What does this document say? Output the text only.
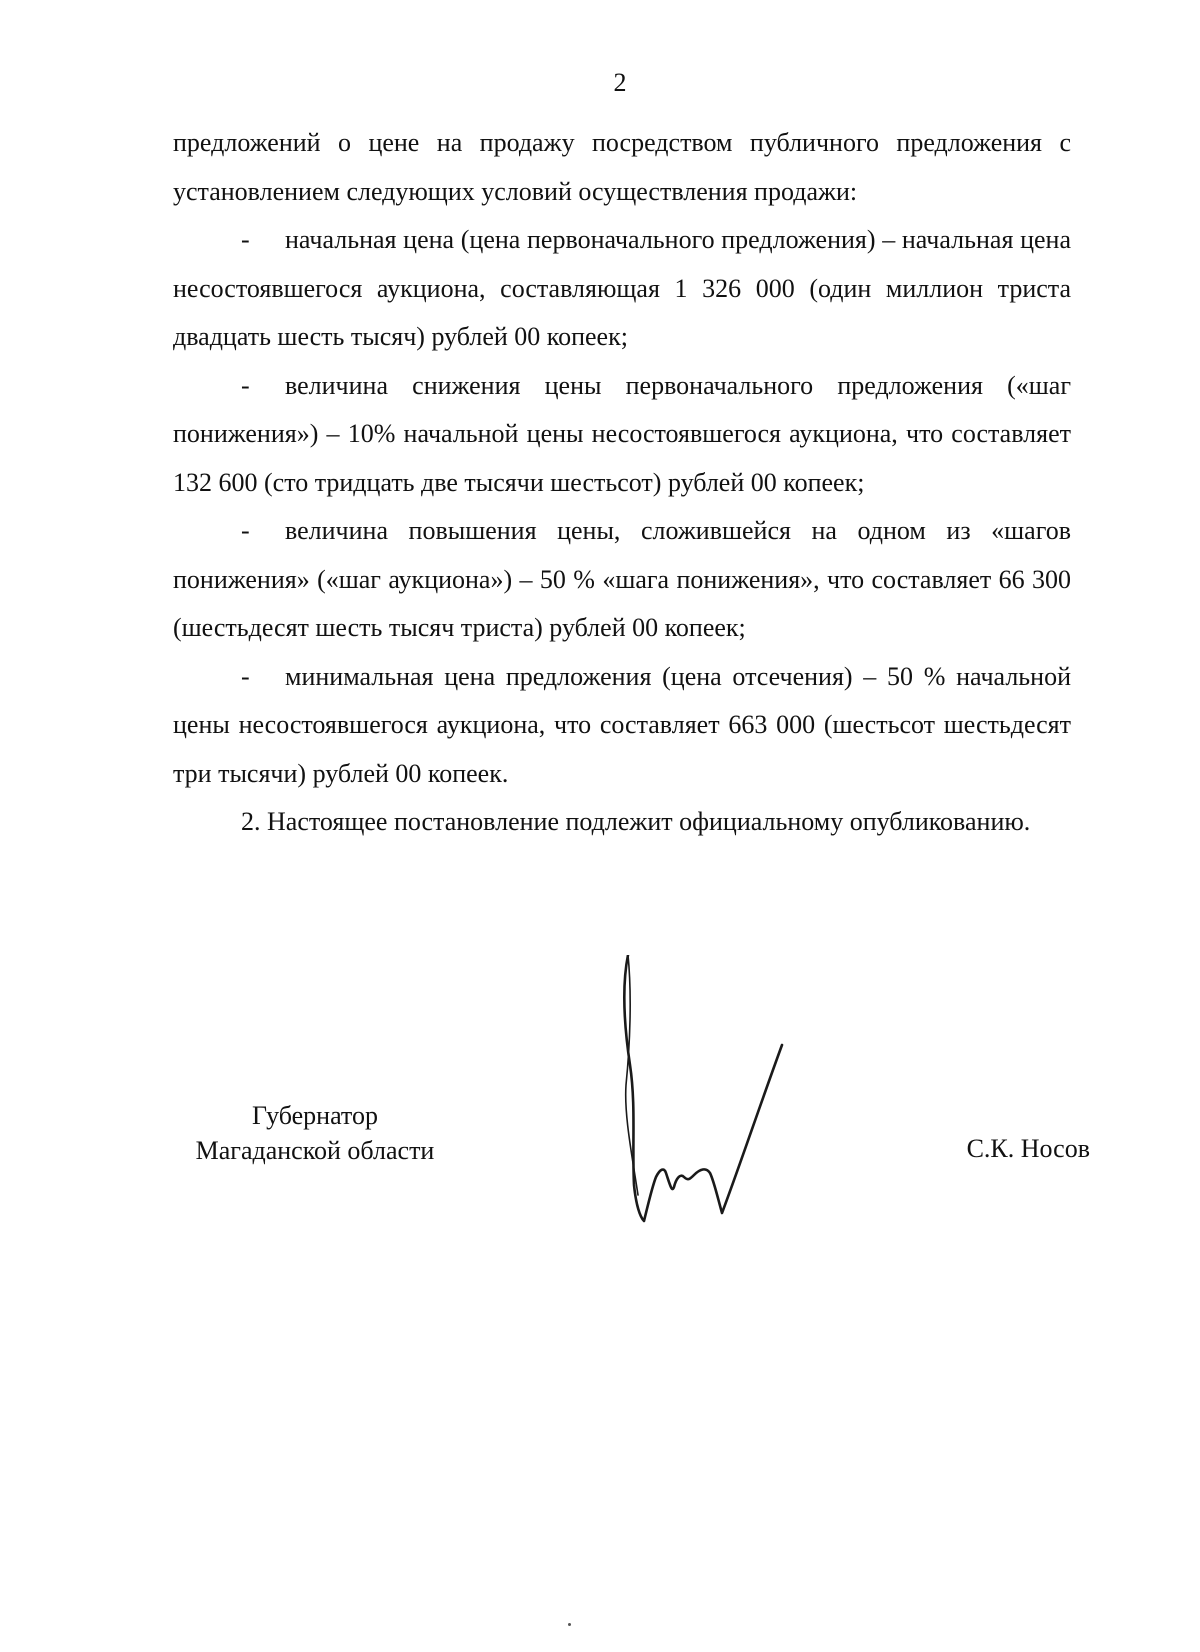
2

предложений о цене на продажу посредством публичного предложения с установлением следующих условий осуществления продажи:

- начальная цена (цена первоначального предложения) – начальная цена несостоявшегося аукциона, составляющая 1 326 000 (один миллион триста двадцать шесть тысяч) рублей 00 копеек;

- величина снижения цены первоначального предложения («шаг понижения») – 10% начальной цены несостоявшегося аукциона, что составляет 132 600 (сто тридцать две тысячи шестьсот) рублей 00 копеек;

- величина повышения цены, сложившейся на одном из «шагов понижения» («шаг аукциона») – 50 % «шага понижения», что составляет 66 300 (шестьдесят шесть тысяч триста) рублей 00 копеек;

- минимальная цена предложения (цена отсечения) – 50 % начальной цены несостоявшегося аукциона, что составляет 663 000 (шестьсот шестьдесят три тысячи) рублей 00 копеек.

2. Настоящее постановление подлежит официальному опубликованию.

Губернатор
Магаданской области	С.К. Носов
